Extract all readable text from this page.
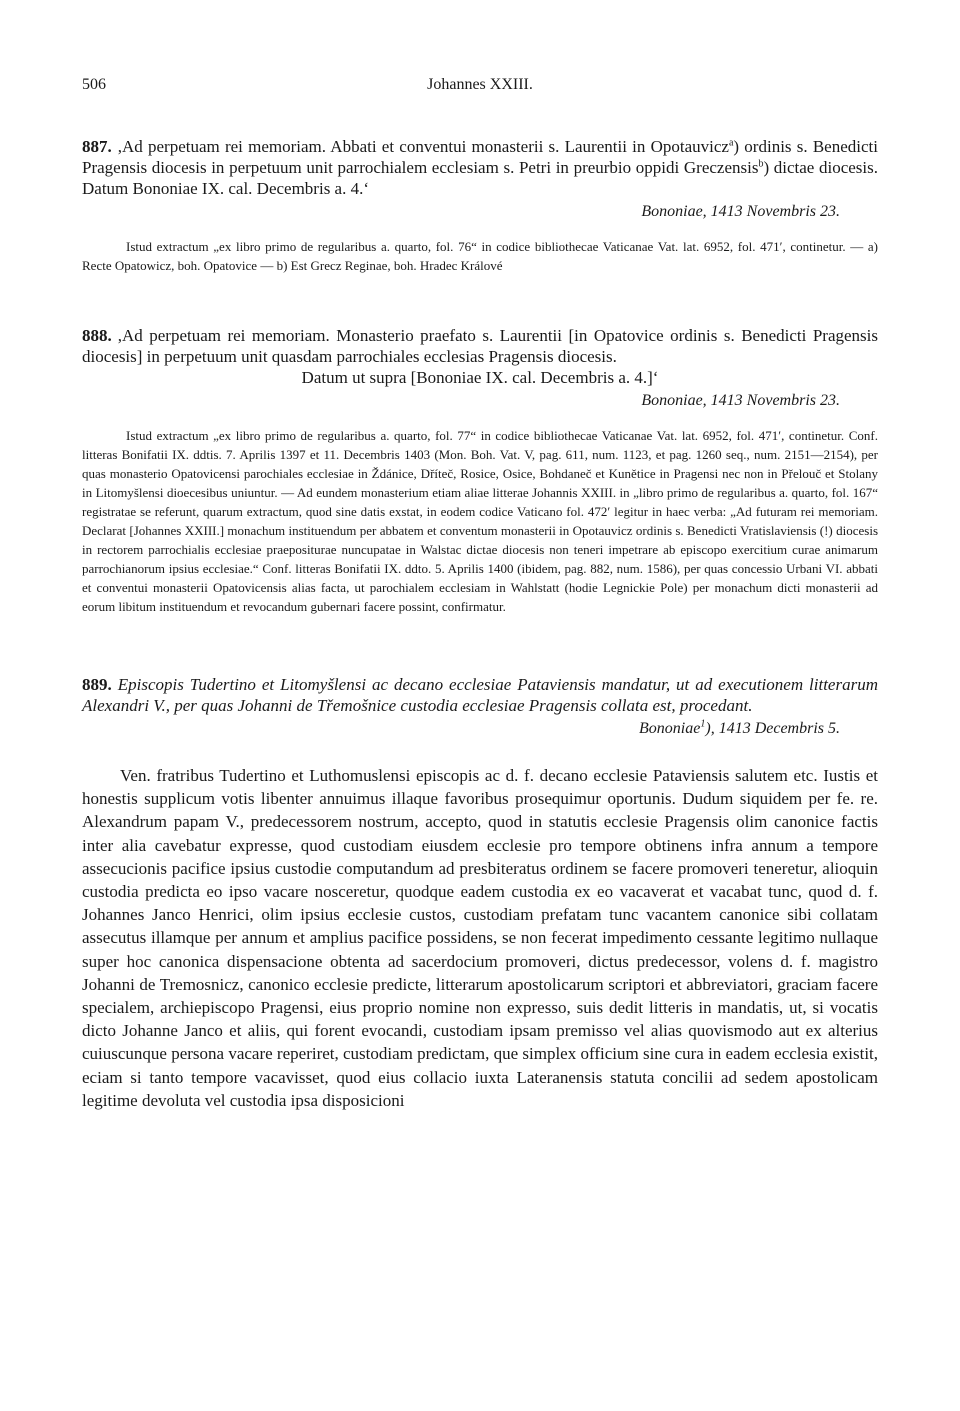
506	Johannes XXIII.
887. ,Ad perpetuam rei memoriam. Abbati et conventui monasterii s. Laurentii in Opotauvicz$^a$) ordinis s. Benedicti Pragensis diocesis in perpetuum unit parrochialem ecclesiam s. Petri in preurbio oppidi Greczensis$^b$) dictae diocesis. Datum Bononiae IX. cal. Decembris a. 4.‘
Bononiae, 1413 Novembris 23.
Istud extractum „ex libro primo de regularibus a. quarto, fol. 76“ in codice bibliothecae Vaticanae Vat. lat. 6952, fol. 471′, continetur. — a) Recte Opatowicz, boh. Opatovice — b) Est Grecz Reginae, boh. Hradec Králové
888. ,Ad perpetuam rei memoriam. Monasterio praefato s. Laurentii [in Opatovice ordinis s. Benedicti Pragensis diocesis] in perpetuum unit quasdam parrochiales ecclesias Pragensis diocesis.
Datum ut supra [Bononiae IX. cal. Decembris a. 4.]‘
Bononiae, 1413 Novembris 23.
Istud extractum „ex libro primo de regularibus a. quarto, fol. 77“ in codice bibliothecae Vaticanae Vat. lat. 6952, fol. 471′, continetur. Conf. litteras Bonifatii IX. ddtis. 7. Aprilis 1397 et 11. Decembris 1403 (Mon. Boh. Vat. V, pag. 611, num. 1123, et pag. 1260 seq., num. 2151—2154), per quas monasterio Opatovicensi parochiales ecclesiae in Ždánice, Dříteč, Rosice, Osice, Bohdaneč et Kunětice in Pragensi nec non in Přelouč et Stolany in Litomyšlensi dioecesibus uniuntur. — Ad eundem monasterium etiam aliae litterae Johannis XXIII. in „libro primo de regularibus a. quarto, fol. 167“ registratae se referunt, quarum extractum, quod sine datis exstat, in eodem codice Vaticano fol. 472′ legitur in haec verba: „Ad futuram rei memoriam. Declarat [Johannes XXIII.] monachum instituendum per abbatem et conventum monasterii in Opotauvicz ordinis s. Benedicti Vratislaviensis (!) diocesis in rectorem parrochialis ecclesiae praepositurae nuncupatae in Walstac dictae diocesis non teneri impetrare ab episcopo exercitium curae animarum parrochianorum ipsius ecclesiae.“ Conf. litteras Bonifatii IX. ddto. 5. Aprilis 1400 (ibidem, pag. 882, num. 1586), per quas concessio Urbani VI. abbati et conventui monasterii Opatovicensis alias facta, ut parochialem ecclesiam in Wahlstatt (hodie Legnickie Pole) per monachum dicti monasterii ad eorum libitum instituendum et revocandum gubernari facere possint, confirmatur.
889. Episcopis Tudertino et Litomyšlensi ac decano ecclesiae Pataviensis mandatur, ut ad executionem litterarum Alexandri V., per quas Johanni de Třemošnice custodia ecclesiae Pragensis collata est, procedant.
Bononiae$^1$), 1413 Decembris 5.
Ven. fratribus Tudertino et Luthomuslensi episcopis ac d. f. decano ecclesie Pataviensis salutem etc. Iustis et honestis supplicum votis libenter annuimus illaque favoribus prosequimur oportunis. Dudum siquidem per fe. re. Alexandrum papam V., predecessorem nostrum, accepto, quod in statutis ecclesie Pragensis olim canonice factis inter alia cavebatur expresse, quod custodiam eiusdem ecclesie pro tempore obtinens infra annum a tempore assecucionis pacifice ipsius custodie computandum ad presbiteratus ordinem se facere promoveri teneretur, alioquin custodia predicta eo ipso vacare nosceretur, quodque eadem custodia ex eo vacaverat et vacabat tunc, quod d. f. Johannes Janco Henrici, olim ipsius ecclesie custos, custodiam prefatam tunc vacantem canonice sibi collatam assecutus illamque per annum et amplius pacifice possidens, se non fecerat impedimento cessante legitimo nullaque super hoc canonica dispensacione obtenta ad sacerdocium promoveri, dictus predecessor, volens d. f. magistro Johanni de Tremosnicz, canonico ecclesie predicte, litterarum apostolicarum scriptori et abbreviatori, graciam facere specialem, archiepiscopo Pragensi, eius proprio nomine non expresso, suis dedit litteris in mandatis, ut, si vocatis dicto Johanne Janco et aliis, qui forent evocandi, custodiam ipsam premisso vel alias quovismodo aut ex alterius cuiuscunque persona vacare reperiret, custodiam predictam, que simplex officium sine cura in eadem ecclesia existit, eciam si tanto tempore vacavisset, quod eius collacio iuxta Lateranensis statuta concilii ad sedem apostolicam legitime devoluta vel custodia ipsa disposicioni
